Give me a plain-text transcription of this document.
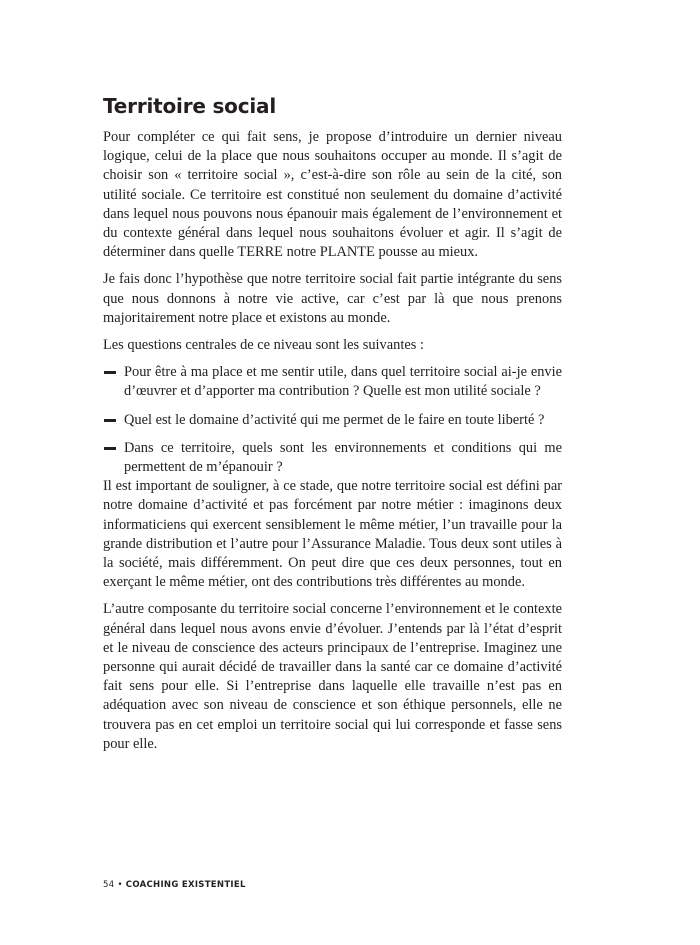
Territoire social

Pour compléter ce qui fait sens, je propose d’introduire un dernier niveau logique, celui de la place que nous souhaitons occuper au monde. Il s’agit de choisir son « territoire social », c’est-à-dire son rôle au sein de la cité, son utilité sociale. Ce territoire est constitué non seulement du domaine d’activité dans lequel nous pouvons nous épanouir mais également de l’environnement et du contexte général dans lequel nous souhaitons évoluer et agir. Il s’agit de déterminer dans quelle TERRE notre PLANTE pousse au mieux.

Je fais donc l’hypothèse que notre territoire social fait partie intégrante du sens que nous donnons à notre vie active, car c’est par là que nous prenons majoritairement notre place et existons au monde.

Les questions centrales de ce niveau sont les suivantes :

Pour être à ma place et me sentir utile, dans quel territoire social ai-je envie d’œuvrer et d’apporter ma contribution ? Quelle est mon utilité sociale ?
Quel est le domaine d’activité qui me permet de le faire en toute liberté ?
Dans ce territoire, quels sont les environnements et conditions qui me permettent de m’épanouir ?

Il est important de souligner, à ce stade, que notre territoire social est défini par notre domaine d’activité et pas forcément par notre métier : imaginons deux informaticiens qui exercent sensiblement le même métier, l’un travaille pour la grande distribution et l’autre pour l’Assurance Maladie. Tous deux sont utiles à la société, mais différemment. On peut dire que ces deux personnes, tout en exerçant le même métier, ont des contributions très différentes au monde.

L’autre composante du territoire social concerne l’environnement et le contexte général dans lequel nous avons envie d’évoluer. J’entends par là l’état d’esprit et le niveau de conscience des acteurs principaux de l’entreprise. Imaginez une personne qui aurait décidé de travailler dans la santé car ce domaine d’activité fait sens pour elle. Si l’entreprise dans laquelle elle travaille n’est pas en adéquation avec son niveau de conscience et son éthique personnels, elle ne trouvera pas en cet emploi un territoire social qui lui corresponde et fasse sens pour elle.

54 • COACHING EXISTENTIEL
